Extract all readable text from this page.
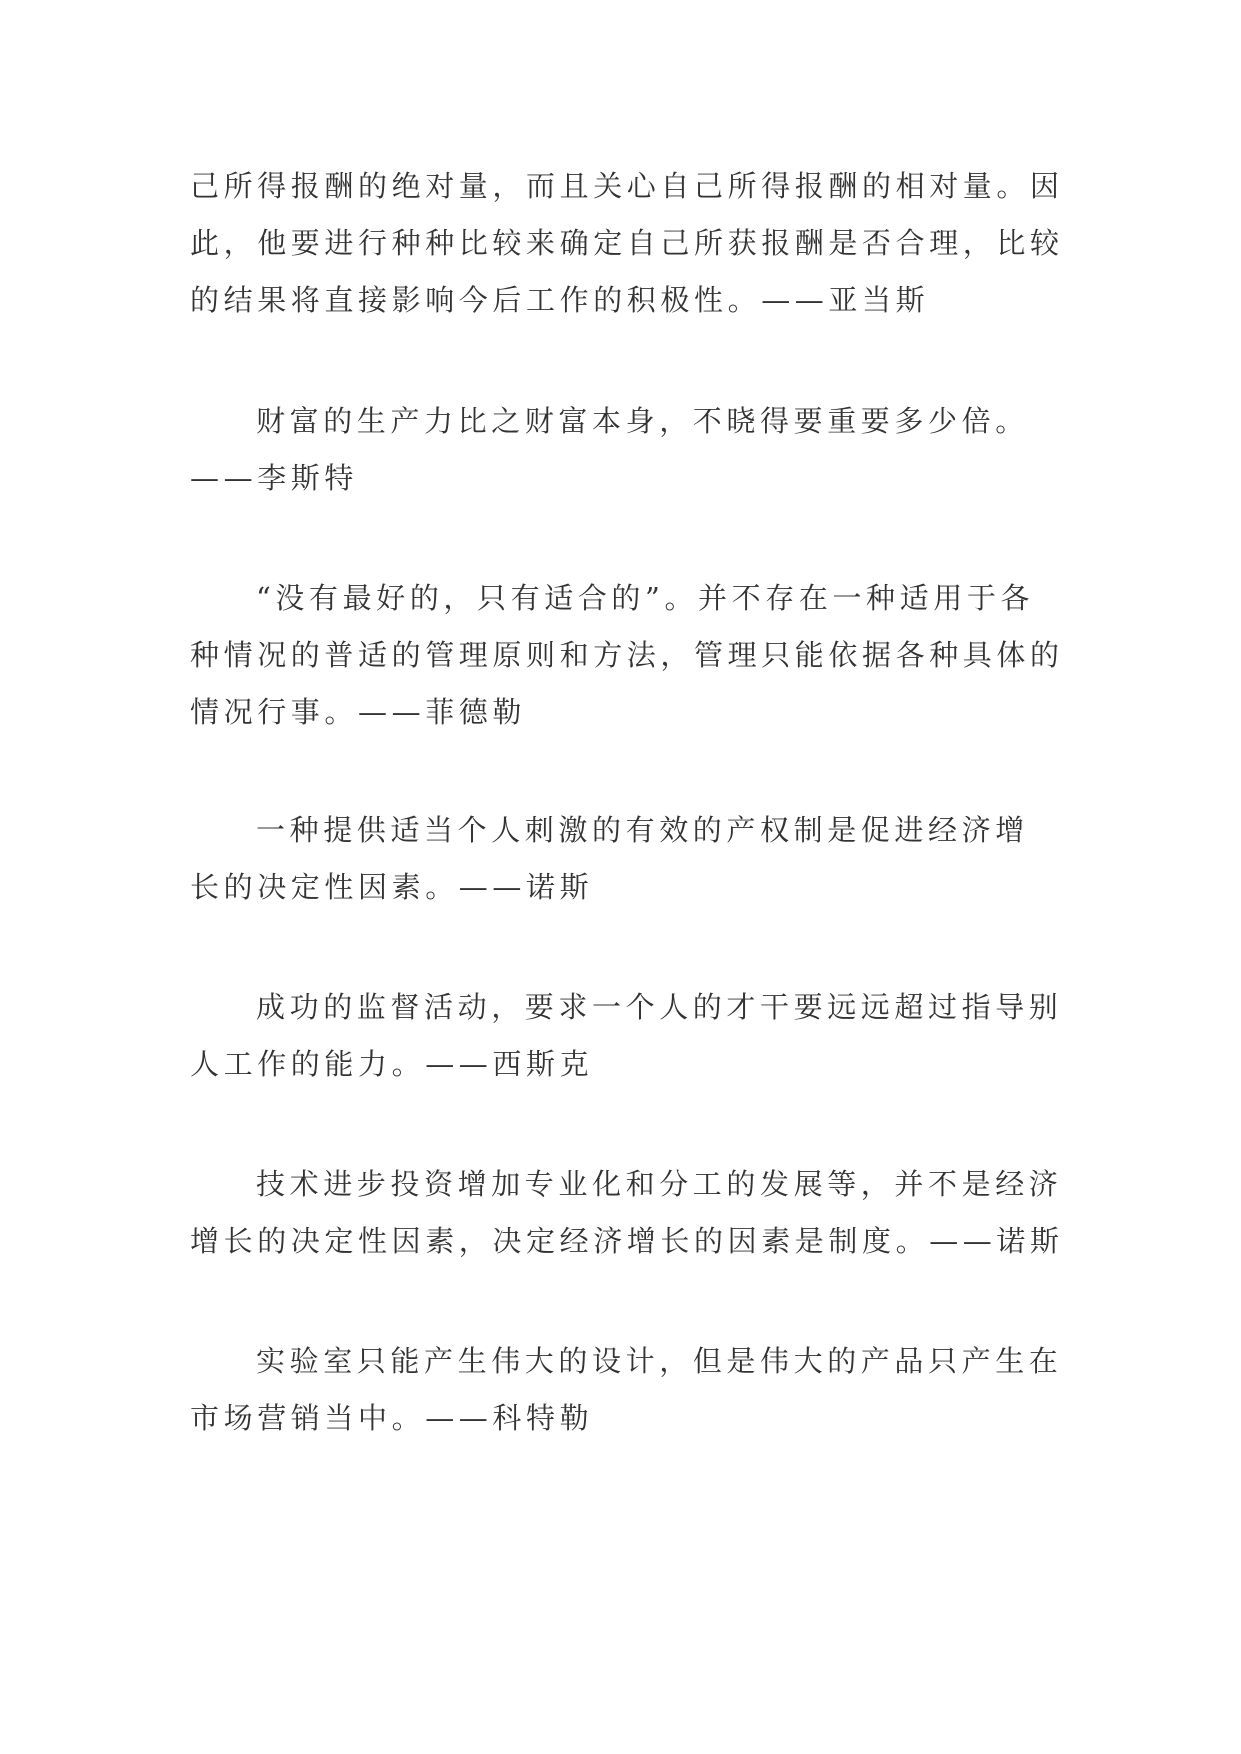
己所得报酬的绝对量，而且关心自己所得报酬的相对量。因
此，他要进行种种比较来确定自己所获报酬是否合理，比较
的结果将直接影响今后工作的积极性。——亚当斯

财富的生产力比之财富本身，不晓得要重要多少倍。
——李斯特

“没有最好的，只有适合的”。并不存在一种适用于各
种情况的普适的管理原则和方法，管理只能依据各种具体的
情况行事。——菲德勒

一种提供适当个人刺激的有效的产权制是促进经济增
长的决定性因素。——诺斯

成功的监督活动，要求一个人的才干要远远超过指导别
人工作的能力。——西斯克

技术进步投资增加专业化和分工的发展等，并不是经济
增长的决定性因素，决定经济增长的因素是制度。——诺斯

实验室只能产生伟大的设计，但是伟大的产品只产生在
市场营销当中。——科特勒
